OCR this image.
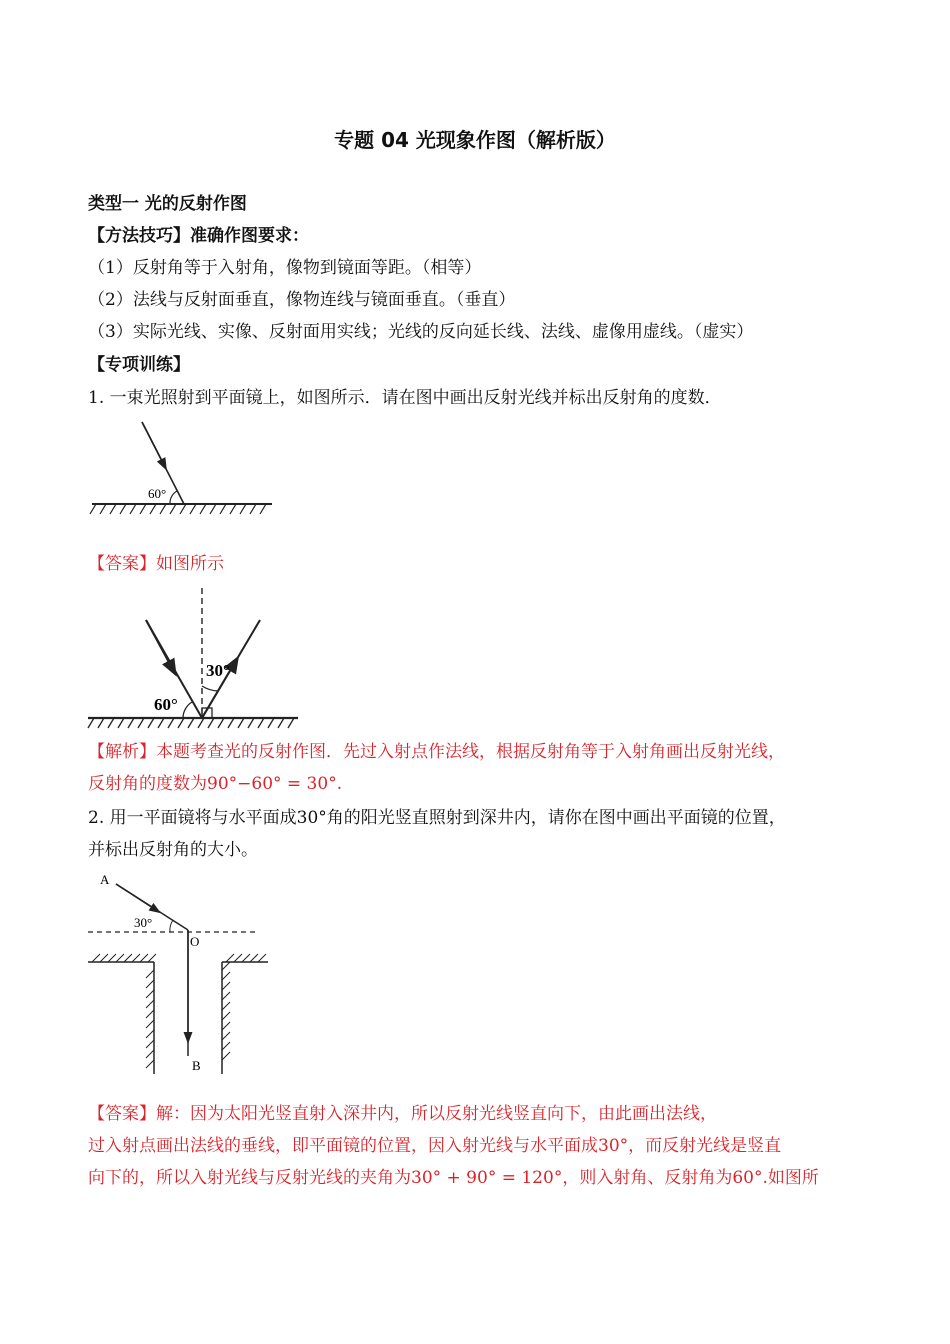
专题 04 光现象作图（解析版）
类型一 光的反射作图
【方法技巧】准确作图要求：
（1）反射角等于入射角，像物到镜面等距。（相等）
（2）法线与反射面垂直，像物连线与镜面垂直。（垂直）
（3）实际光线、实像、反射面用实线；光线的反向延长线、法线、虚像用虚线。（虚实）
【专项训练】
1. 一束光照射到平面镜上，如图所示．请在图中画出反射光线并标出反射角的度数．
60°
【答案】如图所示
60°
30°
【解析】本题考查光的反射作图．先过入射点作法线，根据反射角等于入射角画出反射光线，
反射角的度数为90°−60° = 30°.
2. 用一平面镜将与水平面成30°角的阳光竖直照射到深井内，请你在图中画出平面镜的位置，
并标出反射角的大小。
A
30°
O
B
【答案】解：因为太阳光竖直射入深井内，所以反射光线竖直向下，由此画出法线，
过入射点画出法线的垂线，即平面镜的位置，因入射光线与水平面成30°，而反射光线是竖直
向下的，所以入射光线与反射光线的夹角为30° + 90° = 120°，则入射角、反射角为60°.如图所
